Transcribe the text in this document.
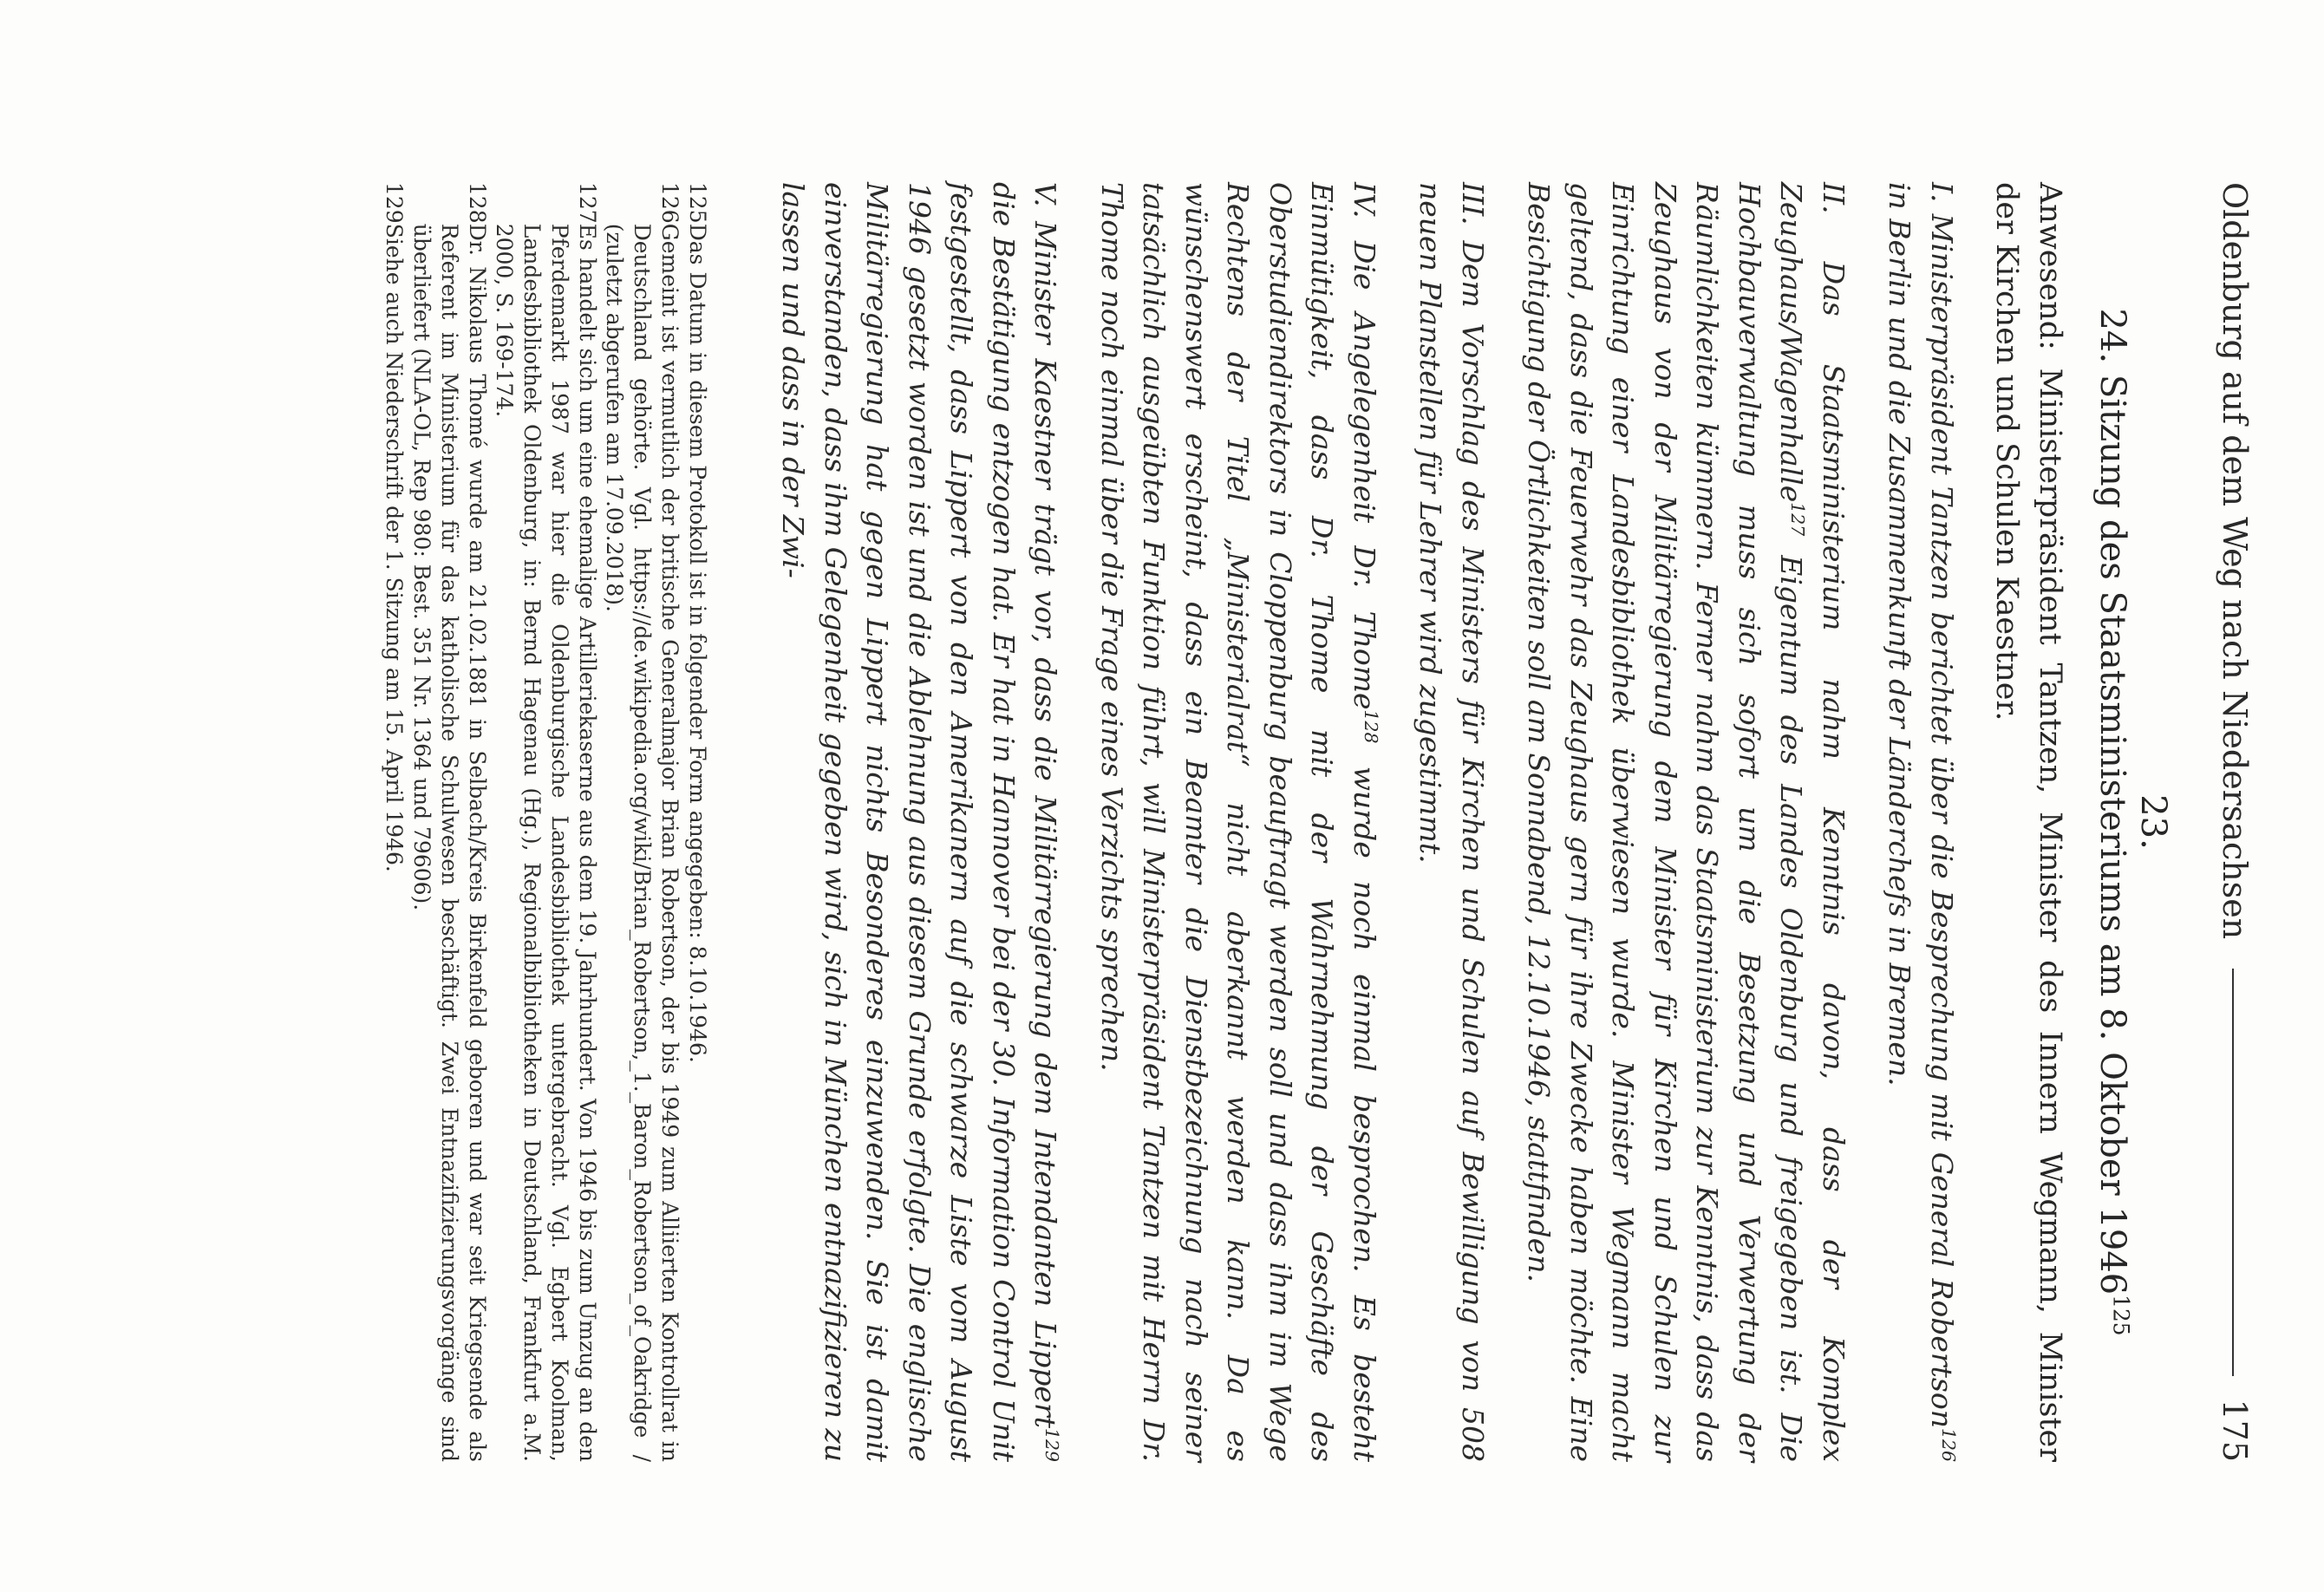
Oldenburg auf dem Weg nach Niedersachsen
175
23.
24. Sitzung des Staatsministeriums am 8. Oktober 1946$^{125}$

Anwesend: Ministerpräsident Tantzen, Minister des Innern Wegmann, Minister der Kirchen und Schulen Kaestner.

I. Ministerpräsident Tantzen berichtet über die Besprechung mit General Robertson$^{126}$ in Berlin und die Zusammenkunft der Länderchefs in Bremen.

II. Das Staatsministerium nahm Kenntnis davon, dass der Komplex Zeughaus/Wagenhalle$^{127}$ Eigentum des Landes Oldenburg und freigegeben ist. Die Hochbauverwaltung muss sich sofort um die Besetzung und Verwertung der Räumlichkeiten kümmern. Ferner nahm das Staatsministerium zur Kenntnis, dass das Zeughaus von der Militärregierung dem Minister für Kirchen und Schulen zur Einrichtung einer Landesbibliothek überwiesen wurde. Minister Wegmann macht geltend, dass die Feuerwehr das Zeughaus gern für ihre Zwecke haben möchte. Eine Besichtigung der Örtlichkeiten soll am Sonnabend, 12.10.1946, stattfinden.

III. Dem Vorschlag des Ministers für Kirchen und Schulen auf Bewilligung von 508 neuen Planstellen für Lehrer wird zugestimmt.

IV. Die Angelegenheit Dr. Thome$^{128}$ wurde noch einmal besprochen. Es besteht Einmütigkeit, dass Dr. Thome mit der Wahrnehmung der Geschäfte des Oberstudiendirektors in Cloppenburg beauftragt werden soll und dass ihm im Wege Rechtens der Titel „Ministerialrat“ nicht aberkannt werden kann. Da es wünschenswert erscheint, dass ein Beamter die Dienstbezeichnung nach seiner tatsächlich ausgeübten Funktion führt, will Ministerpräsident Tantzen mit Herrn Dr. Thome noch einmal über die Frage eines Verzichts sprechen.

V. Minister Kaestner trägt vor, dass die Militärregierung dem Intendanten Lippert$^{129}$ die Bestätigung entzogen hat. Er hat in Hannover bei der 30. Information Control Unit festgestellt, dass Lippert von den Amerikanern auf die schwarze Liste vom August 1946 gesetzt worden ist und die Ablehnung aus diesem Grunde erfolgte. Die englische Militärregierung hat gegen Lippert nichts Besonderes einzuwenden. Sie ist damit einverstanden, dass ihm Gelegenheit gegeben wird, sich in München entnazifizieren zu lassen und dass in der Zwi-

125
Das Datum in diesem Protokoll ist in folgender Form angegeben: 8.10.1946.
126
Gemeint ist vermutlich der britische Generalmajor Brian Robertson, der bis 1949 zum Alliierten Kontrollrat in Deutschland gehörte. Vgl. https://de.wikipedia.org/wiki/Brian_Robertson,_1._Baron_Robertson_of_Oakridge / (zuletzt abgerufen am 17.09.2018).
127
Es handelt sich um eine ehemalige Artilleriekaserne aus dem 19. Jahrhundert. Von 1946 bis zum Umzug an den Pferdemarkt 1987 war hier die Oldenburgische Landesbibliothek untergebracht. Vgl. Egbert Koolman, Landesbibliothek Oldenburg, in: Bernd Hagenau (Hg.), Regionalbibliotheken in Deutschland, Frankfurt a.M. 2000, S. 169-174.
128
Dr. Nikolaus Thomé wurde am 21.02.1881 in Selbach/Kreis Birkenfeld geboren und war seit Kriegsende als Referent im Ministerium für das katholische Schulwesen beschäftigt. Zwei Entnazifizierungsvorgänge sind überliefert (NLA-OL, Rep 980: Best. 351 Nr. 1364 und 79606).
129
Siehe auch Niederschrift der 1. Sitzung am 15. April 1946.
